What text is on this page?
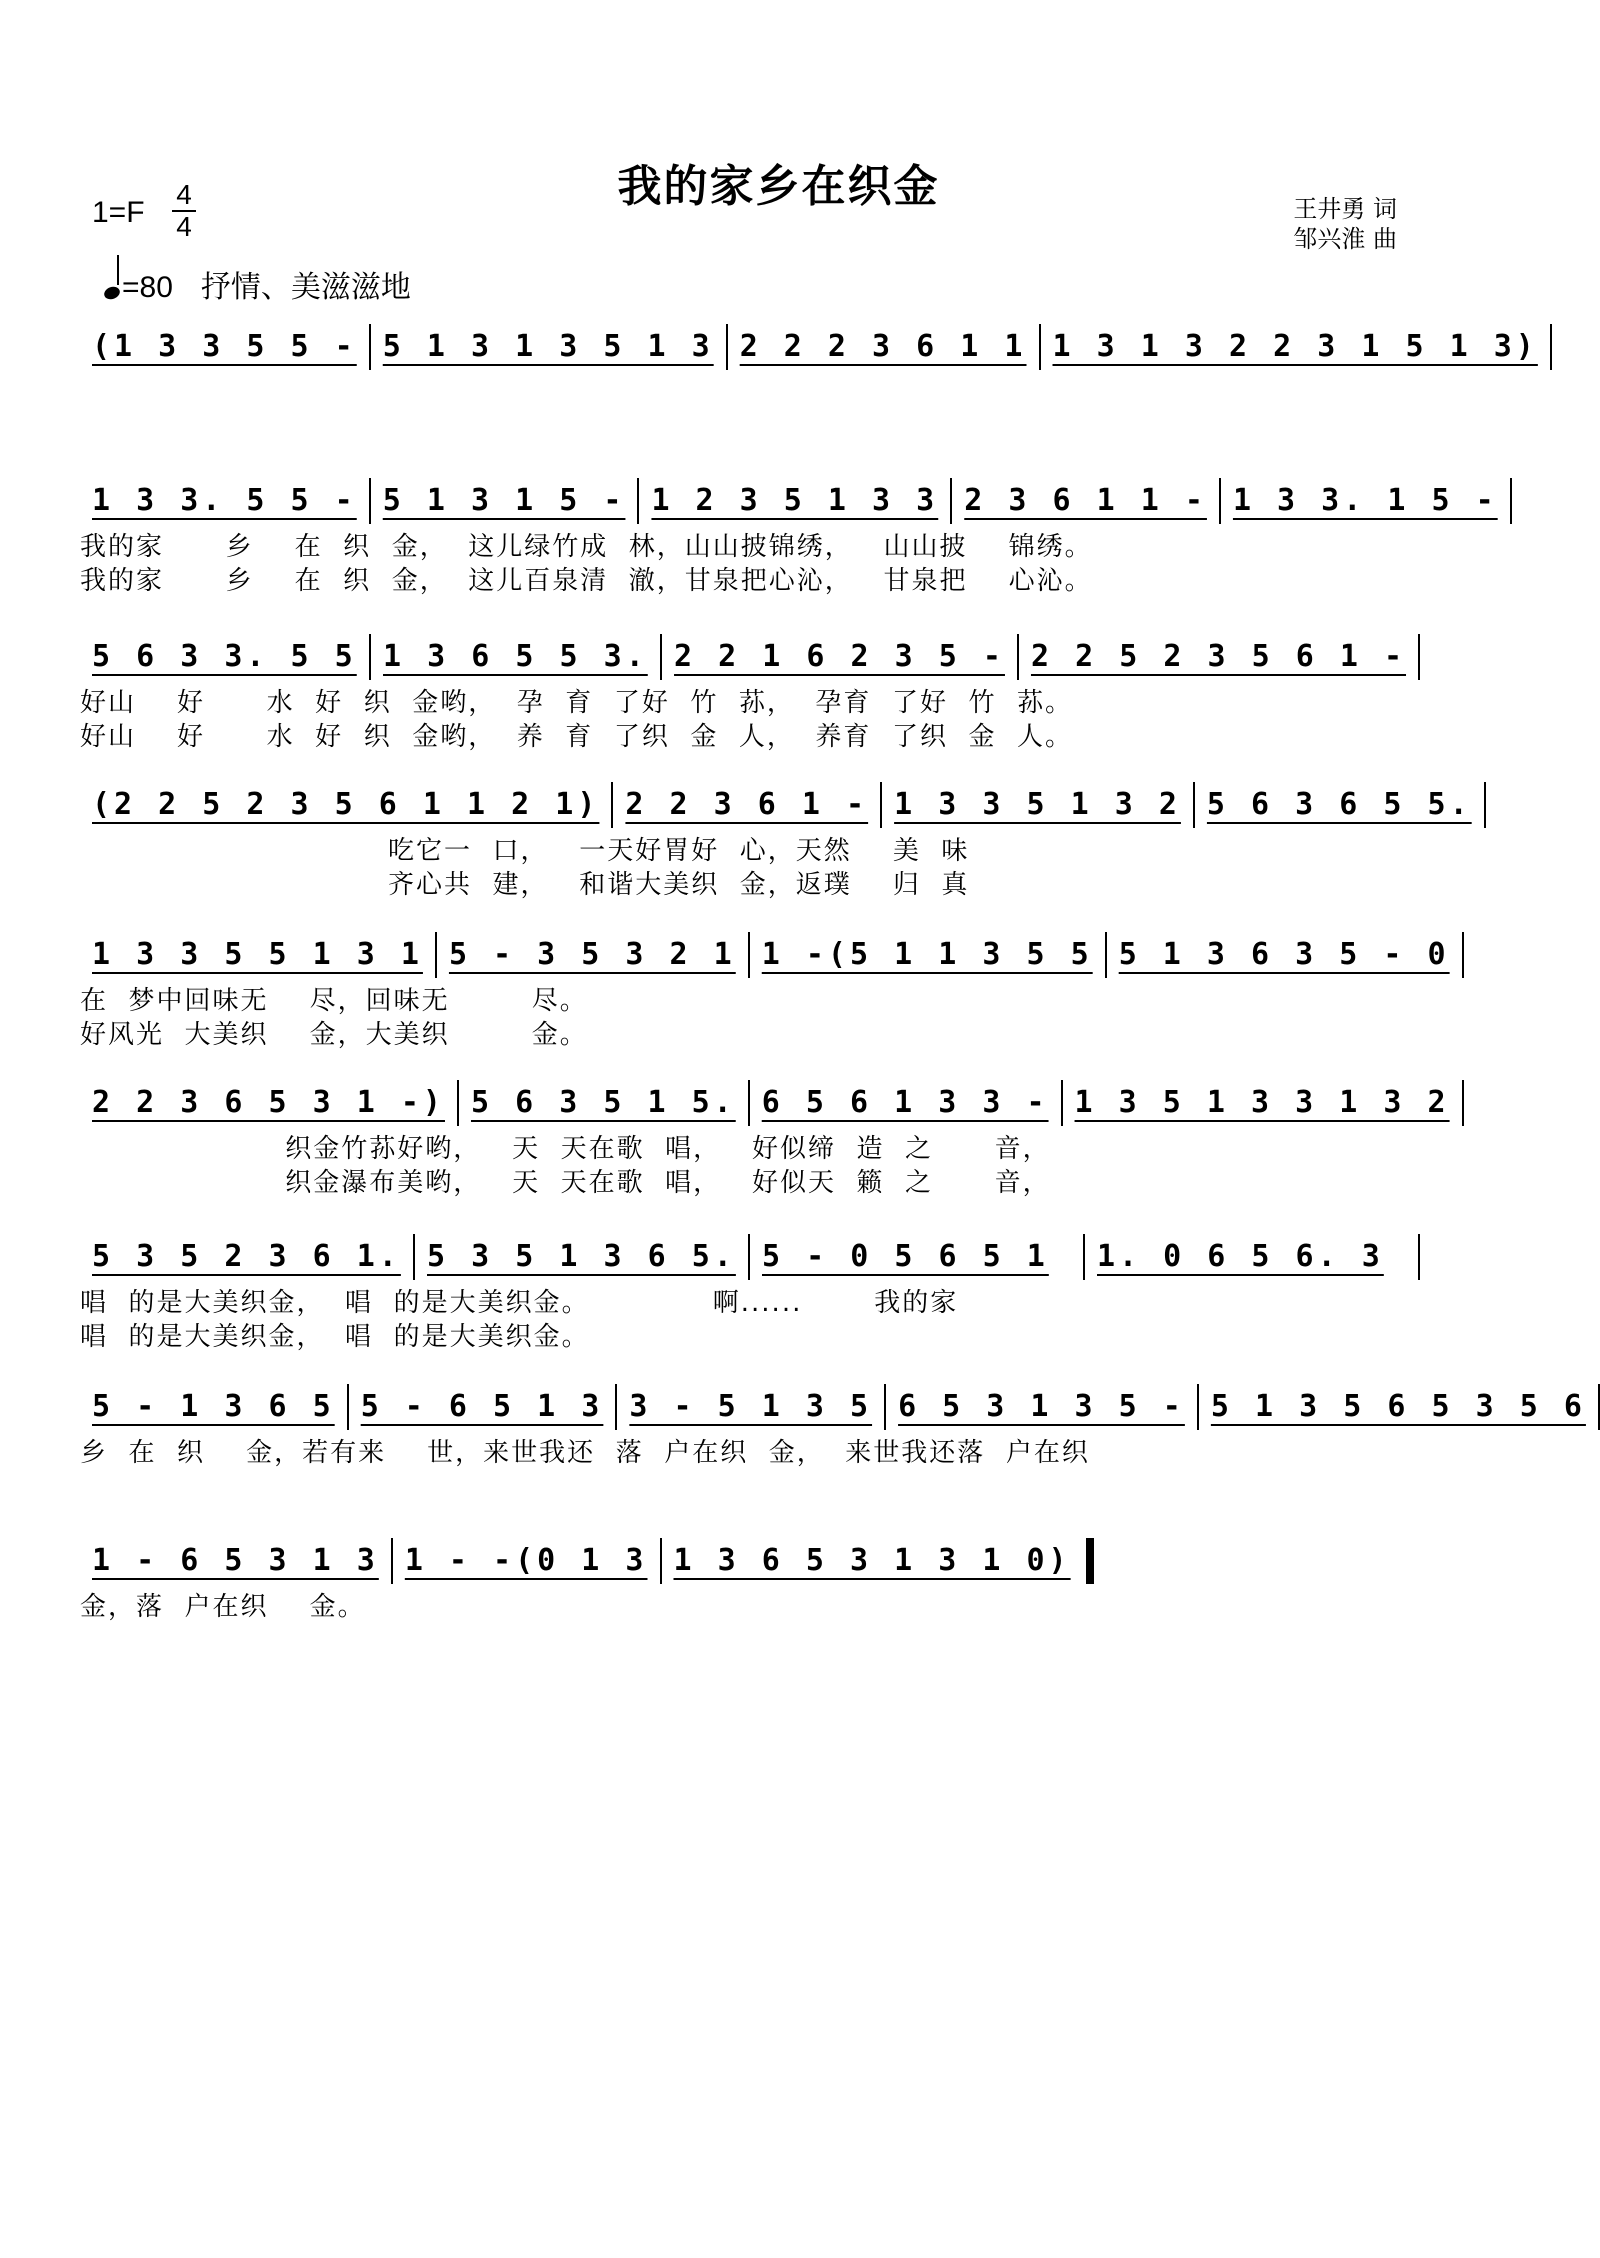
我的家乡在织金
1=F
4
4
王井勇 词
邹兴淮 曲
=80 抒情、美滋滋地
(1 3 3 5 5 - 5 1 3 1 3 5 1 3 2 2 2 3 6 1 1 1 3 1 3 2 2 3 1 5 1 3)
1 3 3. 5 5 - 5 1 3 1 5 - 1 2 3 5 1 3 3 2 3 6 1 1 - 1 3 3. 1 5 -
我的家      乡    在  织  金，  这儿绿竹成  林，山山披锦绣，   山山披    锦绣。
我的家      乡    在  织  金，  这儿百泉清  澈，甘泉把心沁，   甘泉把    心沁。
5 6 3 3. 5 5 1 3 6 5 5 3. 2 2 1 6 2 3 5 - 2 2 5 2 3 5 6 1 -
好山    好      水  好  织  金哟，  孕  育  了好  竹  荪，  孕育  了好  竹  荪。
好山    好      水  好  织  金哟，  养  育  了织  金  人，  养育  了织  金  人。
(2 2 5 2 3 5 6 1 1 2 1) 2 2 3 6 1 - 1 3 3 5 1 3 2 5 6 3 6 5 5.
吃它一  口，   一天好胃好  心，天然    美  味
齐心共  建，   和谐大美织  金，返璞    归  真
1 3 3 5 5 1 3 1 5 - 3 5 3 2 1 1 -(5 1 1 3 5 5 5 1 3 6 3 5 - 0
在  梦中回味无    尽，回味无        尽。
好风光  大美织    金，大美织        金。
2 2 3 6 5 3 1 -) 5 6 3 5 1 5. 6 5 6 1 3 3 - 1 3 5 1 3 3 1 3 2
织金竹荪好哟，   天  天在歌  唱，   好似缔  造  之      音，
织金瀑布美哟，   天  天在歌  唱，   好似天  籁  之      音，
5 3 5 2 3 6 1. 5 3 5 1 3 6 5. 5 - 0 5 6 5 1	1. 0 6 5 6. 3
唱  的是大美织金，  唱  的是大美织金。            啊......       我的家
唱  的是大美织金，  唱  的是大美织金。
5 - 1 3 6 5 5 - 6 5 1 3 3 - 5 1 3 5 6 5 3 1 3 5 - 5 1 3 5 6 5 3 5 6
乡  在  织    金，若有来    世，来世我还  落  户在织  金，  来世我还落  户在织
1 - 6 5 3 1 3 1 - -(0 1 3 1 3 6 5 3 1 3 1 0)
金，落  户在织    金。
